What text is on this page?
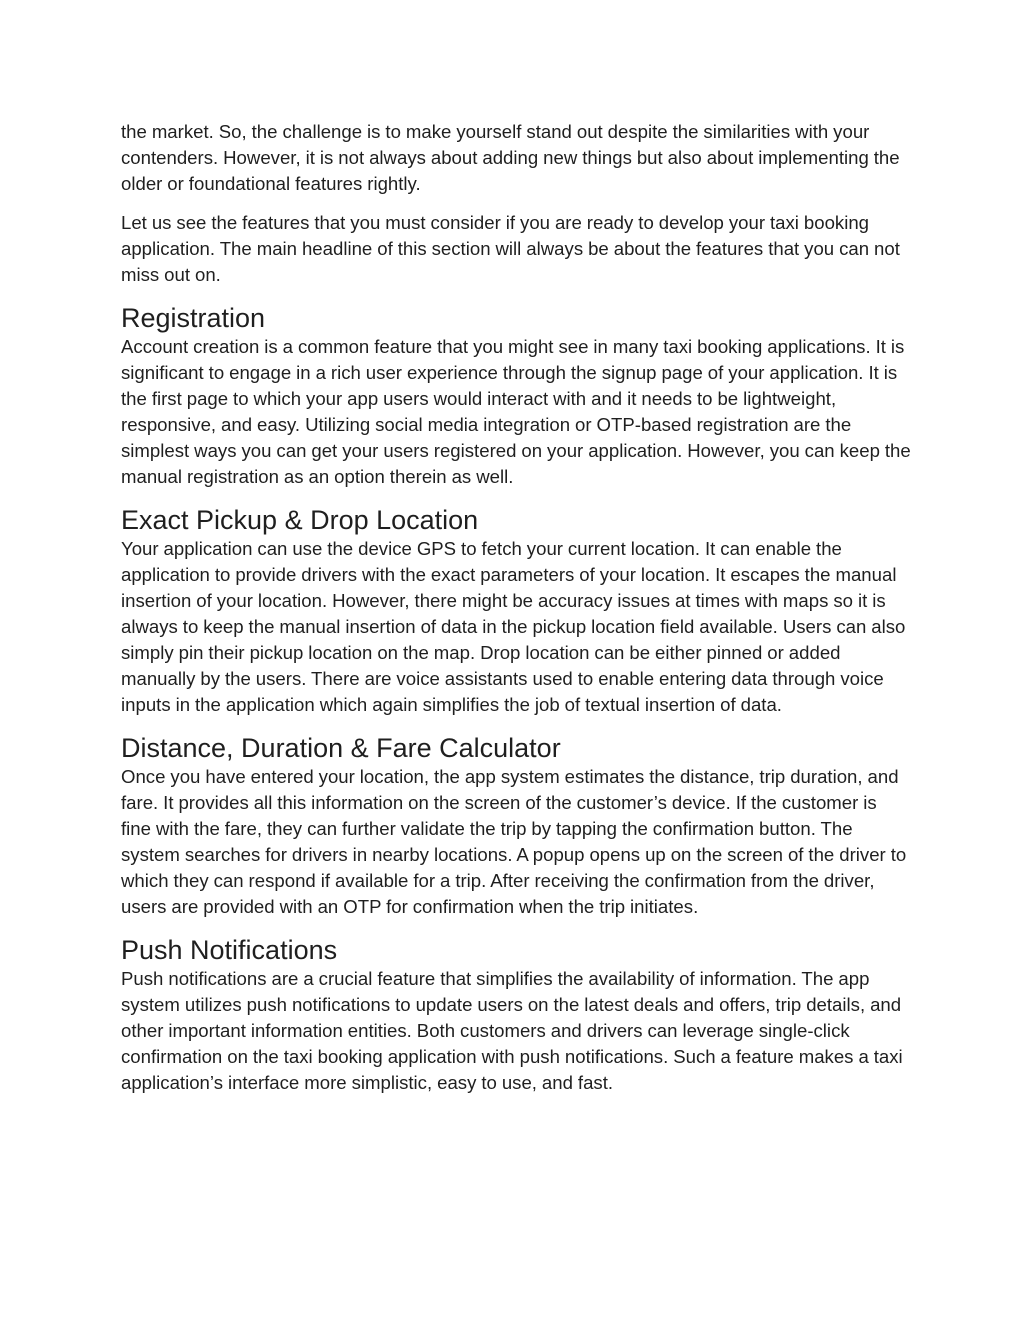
the market. So, the challenge is to make yourself stand out despite the similarities with your contenders. However, it is not always about adding new things but also about implementing the older or foundational features rightly.

Let us see the features that you must consider if you are ready to develop your taxi booking application. The main headline of this section will always be about the features that you can not miss out on.

Registration

Account creation is a common feature that you might see in many taxi booking applications. It is significant to engage in a rich user experience through the signup page of your application. It is the first page to which your app users would interact with and it needs to be lightweight, responsive, and easy. Utilizing social media integration or OTP-based registration are the simplest ways you can get your users registered on your application. However, you can keep the manual registration as an option therein as well.

Exact Pickup & Drop Location

Your application can use the device GPS to fetch your current location. It can enable the application to provide drivers with the exact parameters of your location. It escapes the manual insertion of your location. However, there might be accuracy issues at times with maps so it is always to keep the manual insertion of data in the pickup location field available. Users can also simply pin their pickup location on the map. Drop location can be either pinned or added manually by the users. There are voice assistants used to enable entering data through voice inputs in the application which again simplifies the job of textual insertion of data.

Distance, Duration & Fare Calculator

Once you have entered your location, the app system estimates the distance, trip duration, and fare. It provides all this information on the screen of the customer’s device. If the customer is fine with the fare, they can further validate the trip by tapping the confirmation button. The system searches for drivers in nearby locations. A popup opens up on the screen of the driver to which they can respond if available for a trip. After receiving the confirmation from the driver, users are provided with an OTP for confirmation when the trip initiates.

Push Notifications

Push notifications are a crucial feature that simplifies the availability of information. The app system utilizes push notifications to update users on the latest deals and offers, trip details, and other important information entities. Both customers and drivers can leverage single-click confirmation on the taxi booking application with push notifications. Such a feature makes a taxi application’s interface more simplistic, easy to use, and fast.
